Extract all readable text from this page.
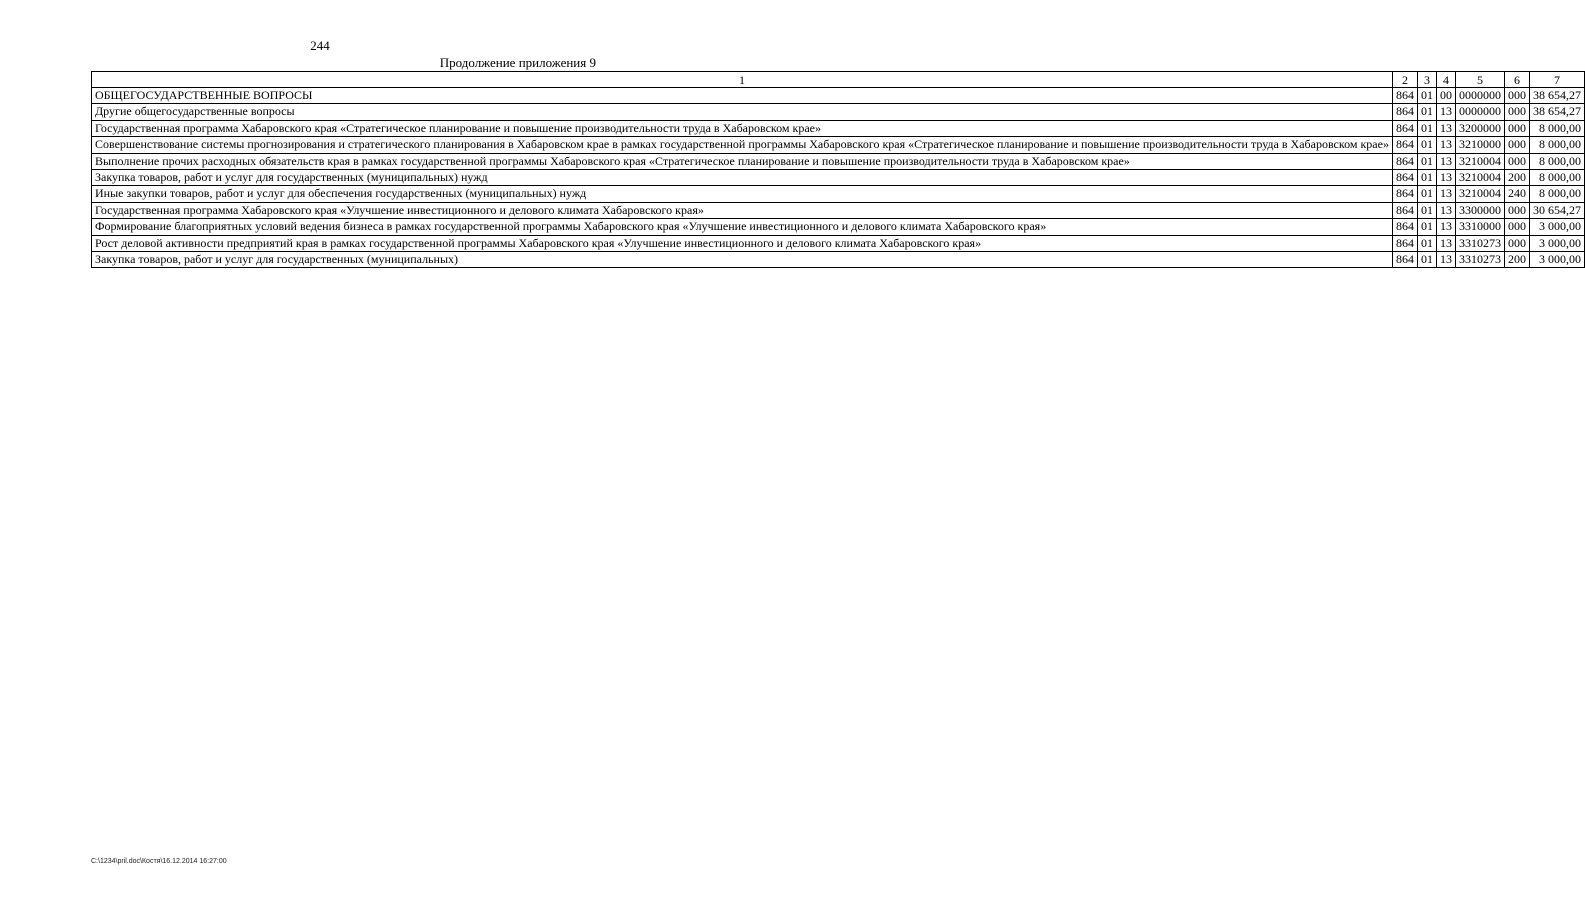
244
Продолжение приложения 9
1	2	3	4	5	6	7
ОБЩЕГОСУДАРСТВЕННЫЕ ВОПРОСЫ	864	01	00	0000000	000	38 654,27
Другие общегосударственные вопросы	864	01	13	0000000	000	38 654,27
Государственная программа Хабаровского края «Стратегическое планирование и повышение производительности труда в Хабаровском крае»	864	01	13	3200000	000	8 000,00
Совершенствование системы прогнозирования и стратегического планирования в Хабаровском крае в рамках государственной программы Хабаровского края «Стратегическое планирование и повышение производительности труда в Хабаровском крае»	864	01	13	3210000	000	8 000,00
Выполнение прочих расходных обязательств края в рамках государственной программы Хабаровского края «Стратегическое планирование и повышение производительности труда в Хабаровском крае»	864	01	13	3210004	000	8 000,00
Закупка товаров, работ и услуг для государственных (муниципальных) нужд	864	01	13	3210004	200	8 000,00
Иные закупки товаров, работ и услуг для обеспечения государственных (муниципальных) нужд	864	01	13	3210004	240	8 000,00
Государственная программа Хабаровского края «Улучшение инвестиционного и делового климата Хабаровского края»	864	01	13	3300000	000	30 654,27
Формирование благоприятных условий ведения бизнеса в рамках государственной программы Хабаровского края «Улучшение инвестиционного и делового климата Хабаровского края»	864	01	13	3310000	000	3 000,00
Рост деловой активности предприятий края в рамках государственной программы Хабаровского края «Улучшение инвестиционного и делового климата Хабаровского края»	864	01	13	3310273	000	3 000,00
Закупка товаров, работ и услуг для государственных (муниципальных)	864	01	13	3310273	200	3 000,00
C:\1234\pril.doc\Костя\16.12.2014 16:27:00
